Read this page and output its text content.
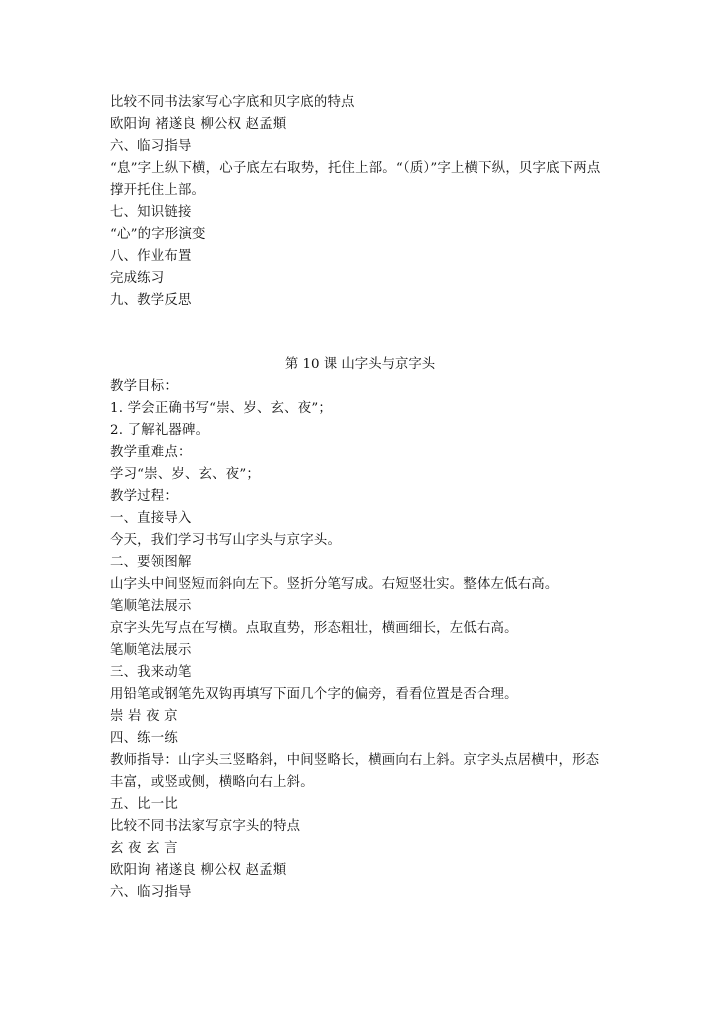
比较不同书法家写心字底和贝字底的特点
欧阳询 褚遂良 柳公权 赵孟頫
六、临习指导
“息”字上纵下横，心子底左右取势，托住上部。“（质）”字上横下纵，贝字底下两点撑开托住上部。
七、知识链接
“心”的字形演变
八、作业布置
完成练习
九、教学反思
第 10 课 山字头与京字头
教学目标：
1. 学会正确书写“崇、岁、玄、夜”；
2. 了解礼器碑。
教学重难点：
学习“崇、岁、玄、夜”；
教学过程：
一、直接导入
今天，我们学习书写山字头与京字头。
二、要领图解
山字头中间竖短而斜向左下。竖折分笔写成。右短竖壮实。整体左低右高。
笔顺笔法展示
京字头先写点在写横。点取直势，形态粗壮，横画细长，左低右高。
笔顺笔法展示
三、我来动笔
用铅笔或钢笔先双钩再填写下面几个字的偏旁，看看位置是否合理。
崇 岩 夜 京
四、练一练
教师指导：山字头三竖略斜，中间竖略长，横画向右上斜。京字头点居横中，形态丰富，或竖或侧，横略向右上斜。
五、比一比
比较不同书法家写京字头的特点
玄 夜 玄 言
欧阳询 褚遂良 柳公权 赵孟頫
六、临习指导
